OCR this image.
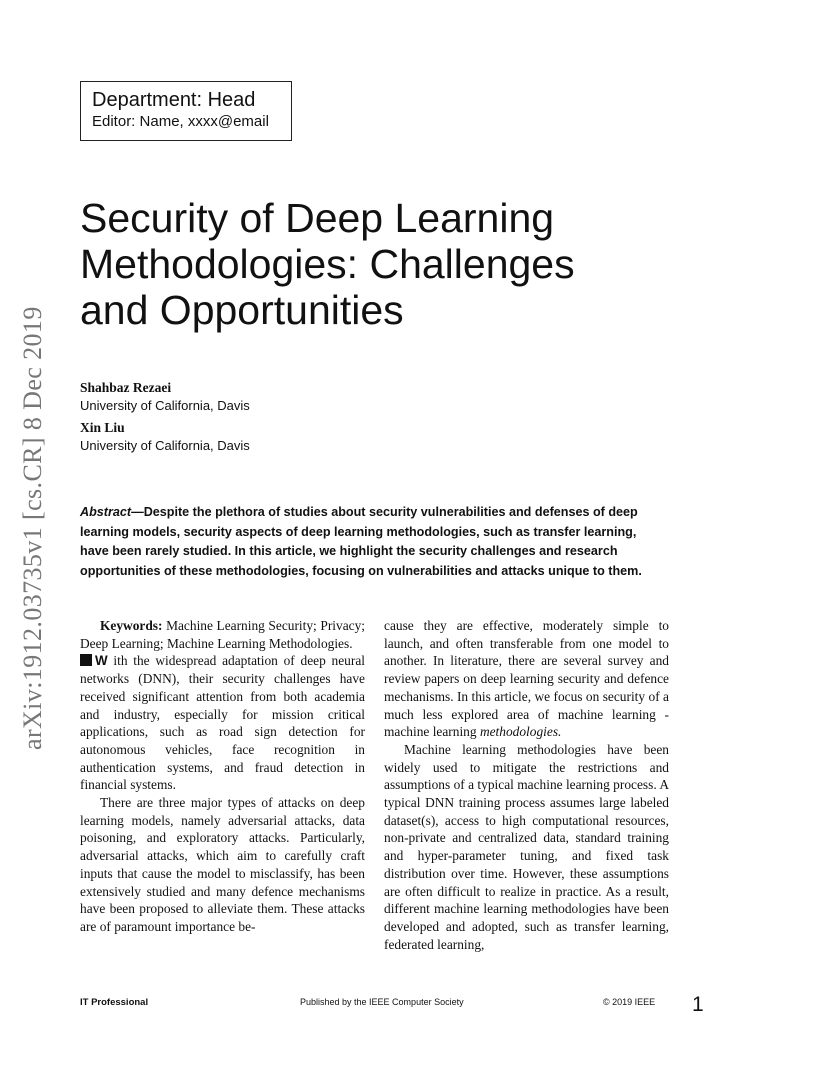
Department: Head
Editor: Name, xxxx@email
arXiv:1912.03735v1 [cs.CR] 8 Dec 2019
Security of Deep Learning Methodologies: Challenges and Opportunities
Shahbaz Rezaei
University of California, Davis
Xin Liu
University of California, Davis
Abstract—Despite the plethora of studies about security vulnerabilities and defenses of deep learning models, security aspects of deep learning methodologies, such as transfer learning, have been rarely studied. In this article, we highlight the security challenges and research opportunities of these methodologies, focusing on vulnerabilities and attacks unique to them.

Keywords: Machine Learning Security; Privacy; Deep Learning; Machine Learning Methodologies.

W ith the widespread adaptation of deep neural networks (DNN), their security challenges have received significant attention from both academia and industry, especially for mission critical applications, such as road sign detection for autonomous vehicles, face recognition in authentication systems, and fraud detection in financial systems.

There are three major types of attacks on deep learning models, namely adversarial attacks, data poisoning, and exploratory attacks. Particularly, adversarial attacks, which aim to carefully craft inputs that cause the model to misclassify, has been extensively studied and many defence mechanisms have been proposed to alleviate them. These attacks are of paramount importance be-

cause they are effective, moderately simple to launch, and often transferable from one model to another. In literature, there are several survey and review papers on deep learning security and defence mechanisms. In this article, we focus on security of a much less explored area of machine learning - machine learning methodologies.

Machine learning methodologies have been widely used to mitigate the restrictions and assumptions of a typical machine learning process. A typical DNN training process assumes large labeled dataset(s), access to high computational resources, non-private and centralized data, standard training and hyper-parameter tuning, and fixed task distribution over time. However, these assumptions are often difficult to realize in practice. As a result, different machine learning methodologies have been developed and adopted, such as transfer learning, federated learning,

IT Professional	Published by the IEEE Computer Society	© 2019 IEEE 1
